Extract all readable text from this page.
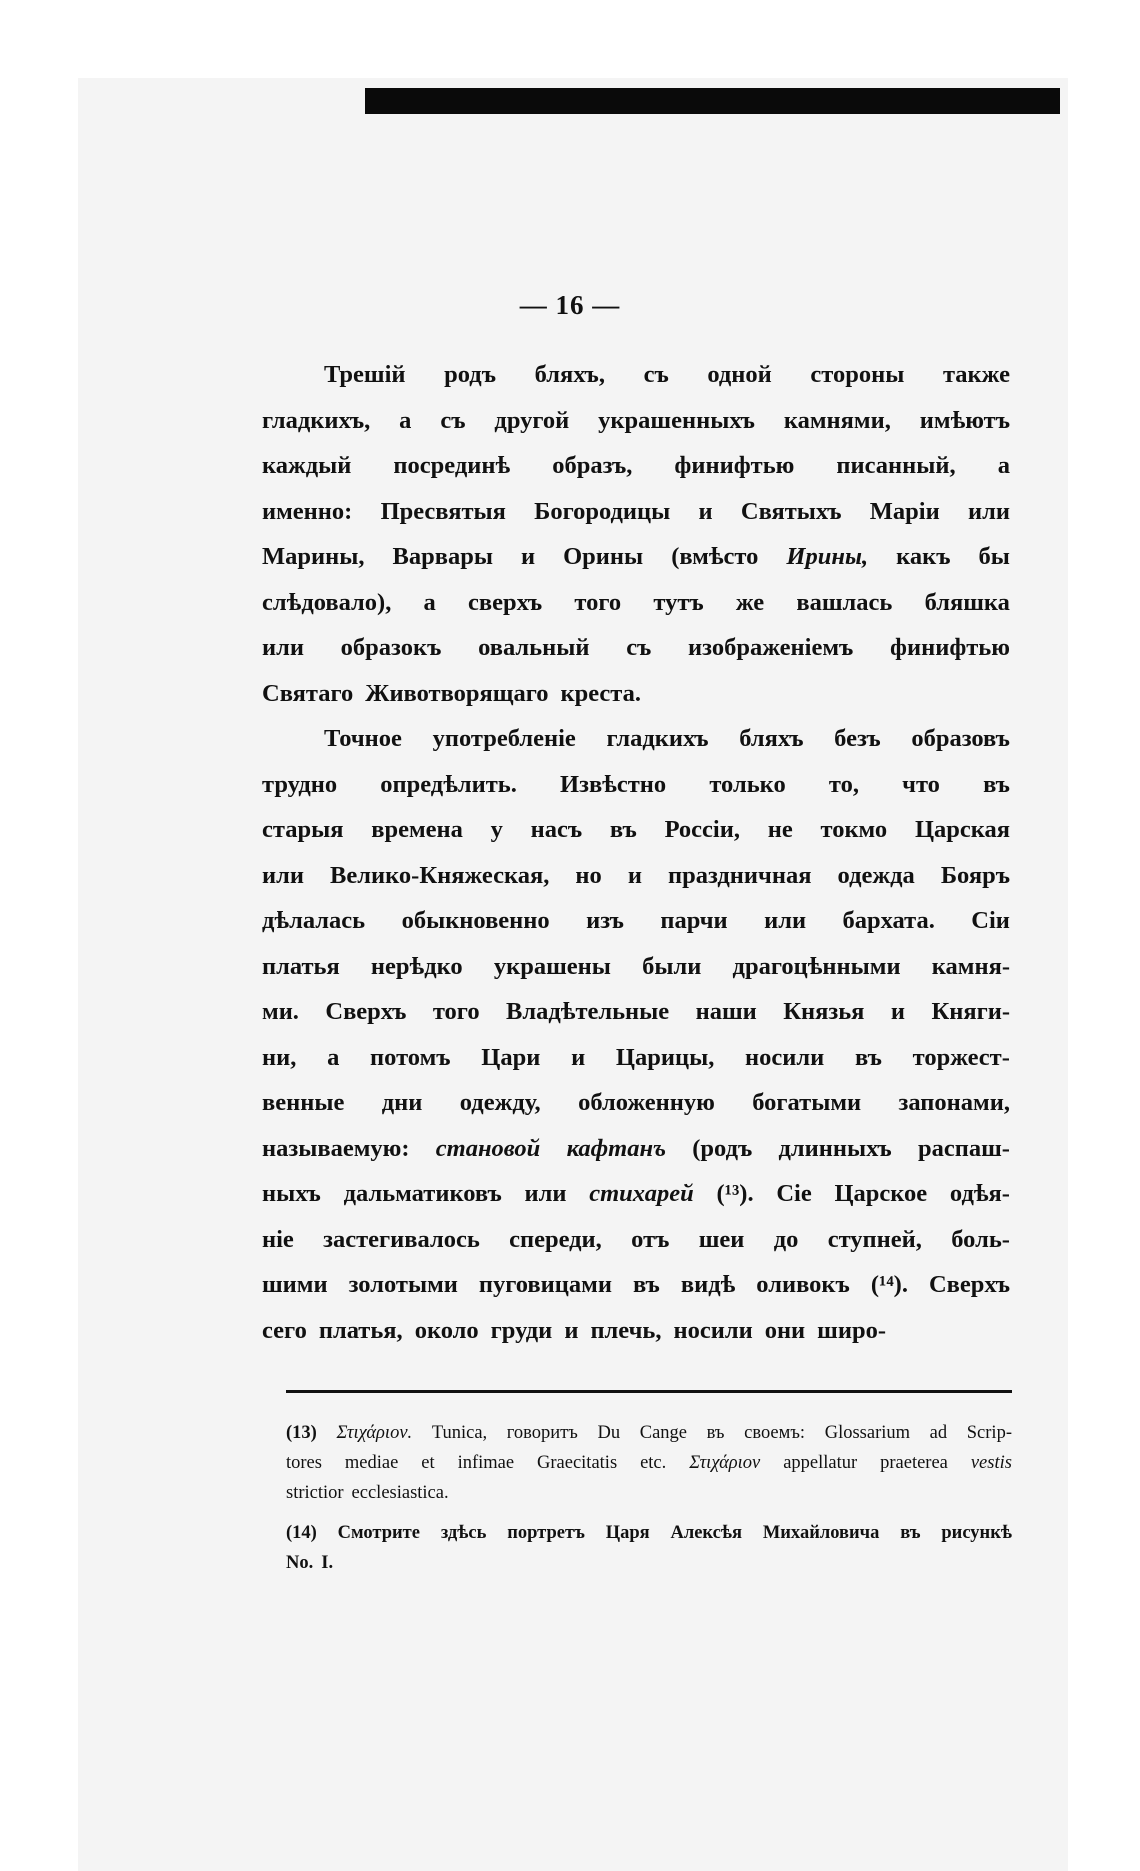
— 16 —
Трешій родъ бляхъ, съ одной стороны также
гладкихъ, а съ другой украшенныхъ камнями, имѣютъ
каждый посрединѣ образъ, финифтью писанный, а
именно: Пресвятыя Богородицы и Святыхъ Маріи или
Марины, Варвары и Орины (вмѣсто Ирины, какъ бы
слѣдовало), а сверхъ того тутъ же вашлась бляшка
или образокъ овальный съ изображеніемъ финифтью
Святаго Животворящаго креста.
Точное употребленіе гладкихъ бляхъ безъ образовъ
трудно опредѣлить. Извѣстно только то, что въ
старыя времена у насъ въ Россіи, не токмо Царская
или Велико-Княжеская, но и праздничная одежда Бояръ
дѣлалась обыкновенно изъ парчи или бархата. Сіи
платья нерѣдко украшены были драгоцѣнными камня-
ми. Сверхъ того Владѣтельные наши Князья и Княги-
ни, а потомъ Цари и Царицы, носили въ торжест-
венные дни одежду, обложенную богатыми запонами,
называемую: становой кафтанъ (родъ длинныхъ распаш-
ныхъ дальматиковъ или стихарей (¹³). Сіе Царское одѣя-
ніе застегивалось спереди, отъ шеи до ступней, боль-
шими золотыми пуговицами въ видѣ оливокъ (¹⁴). Сверхъ
сего платья, около груди и плечь, носили они широ-
(13) Στιχάριον. Tunica, говоритъ Du Cange въ своемъ: Glossarium ad Scrip-
tores mediae et infimae Graecitatis etc. Στιχάριον appellatur praeterea vestis
strictior ecclesiastica.
(14) Смотрите здѣсь портретъ Царя Алексѣя Михайловича въ рисункѣ
No. I.
